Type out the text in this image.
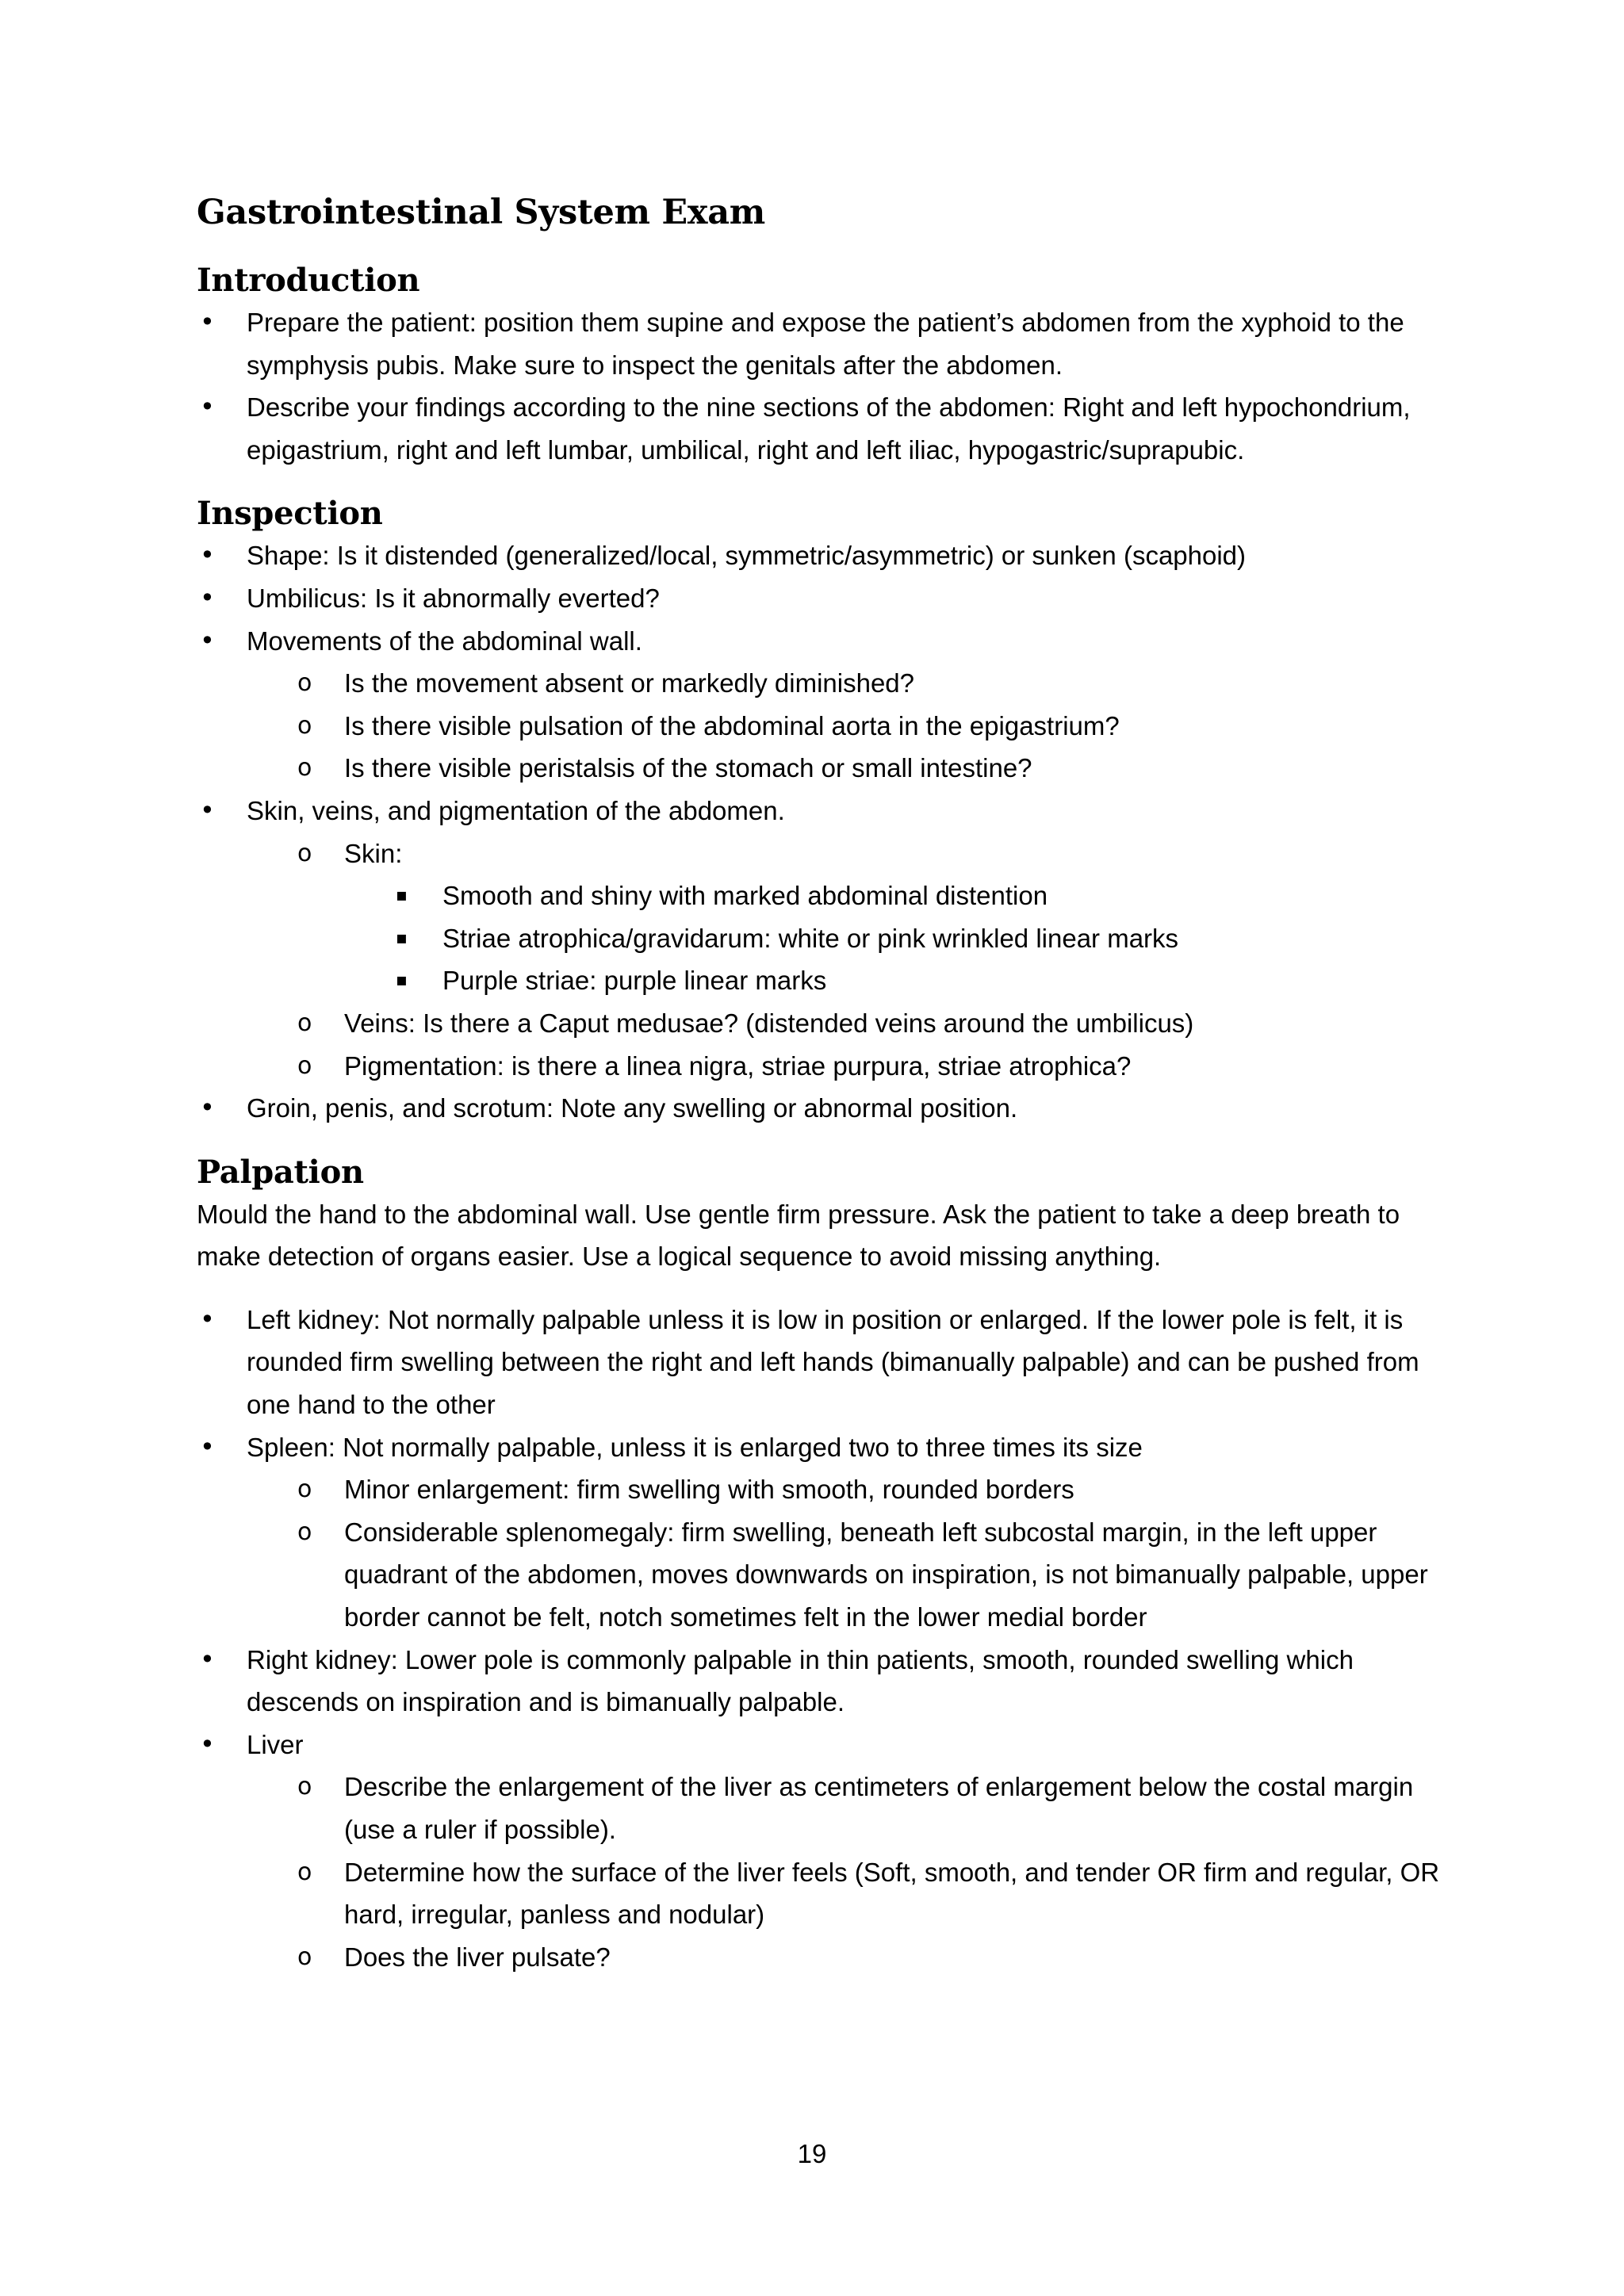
Gastrointestinal System Exam
Introduction
• Prepare the patient: position them supine and expose the patient’s abdomen from the xyphoid to the symphysis pubis. Make sure to inspect the genitals after the abdomen.
• Describe your findings according to the nine sections of the abdomen: Right and left hypochondrium, epigastrium, right and left lumbar, umbilical, right and left iliac, hypogastric/suprapubic.
Inspection
• Shape: Is it distended (generalized/local, symmetric/asymmetric) or sunken (scaphoid)
• Umbilicus: Is it abnormally everted?
• Movements of the abdominal wall.
o Is the movement absent or markedly diminished?
o Is there visible pulsation of the abdominal aorta in the epigastrium?
o Is there visible peristalsis of the stomach or small intestine?
• Skin, veins, and pigmentation of the abdomen.
o Skin:
▪ Smooth and shiny with marked abdominal distention
▪ Striae atrophica/gravidarum: white or pink wrinkled linear marks
▪ Purple striae: purple linear marks
o Veins: Is there a Caput medusae? (distended veins around the umbilicus)
o Pigmentation: is there a linea nigra, striae purpura, striae atrophica?
• Groin, penis, and scrotum: Note any swelling or abnormal position.
Palpation

Mould the hand to the abdominal wall. Use gentle firm pressure. Ask the patient to take a deep breath to make detection of organs easier. Use a logical sequence to avoid missing anything.

• Left kidney: Not normally palpable unless it is low in position or enlarged. If the lower pole is felt, it is rounded firm swelling between the right and left hands (bimanually palpable) and can be pushed from one hand to the other
• Spleen: Not normally palpable, unless it is enlarged two to three times its size
o Minor enlargement: firm swelling with smooth, rounded borders
o Considerable splenomegaly: firm swelling, beneath left subcostal margin, in the left upper quadrant of the abdomen, moves downwards on inspiration, is not bimanually palpable, upper border cannot be felt, notch sometimes felt in the lower medial border
• Right kidney: Lower pole is commonly palpable in thin patients, smooth, rounded swelling which descends on inspiration and is bimanually palpable.
• Liver
o Describe the enlargement of the liver as centimeters of enlargement below the costal margin (use a ruler if possible).
o Determine how the surface of the liver feels (Soft, smooth, and tender OR firm and regular, OR hard, irregular, panless and nodular)
o Does the liver pulsate?
19
